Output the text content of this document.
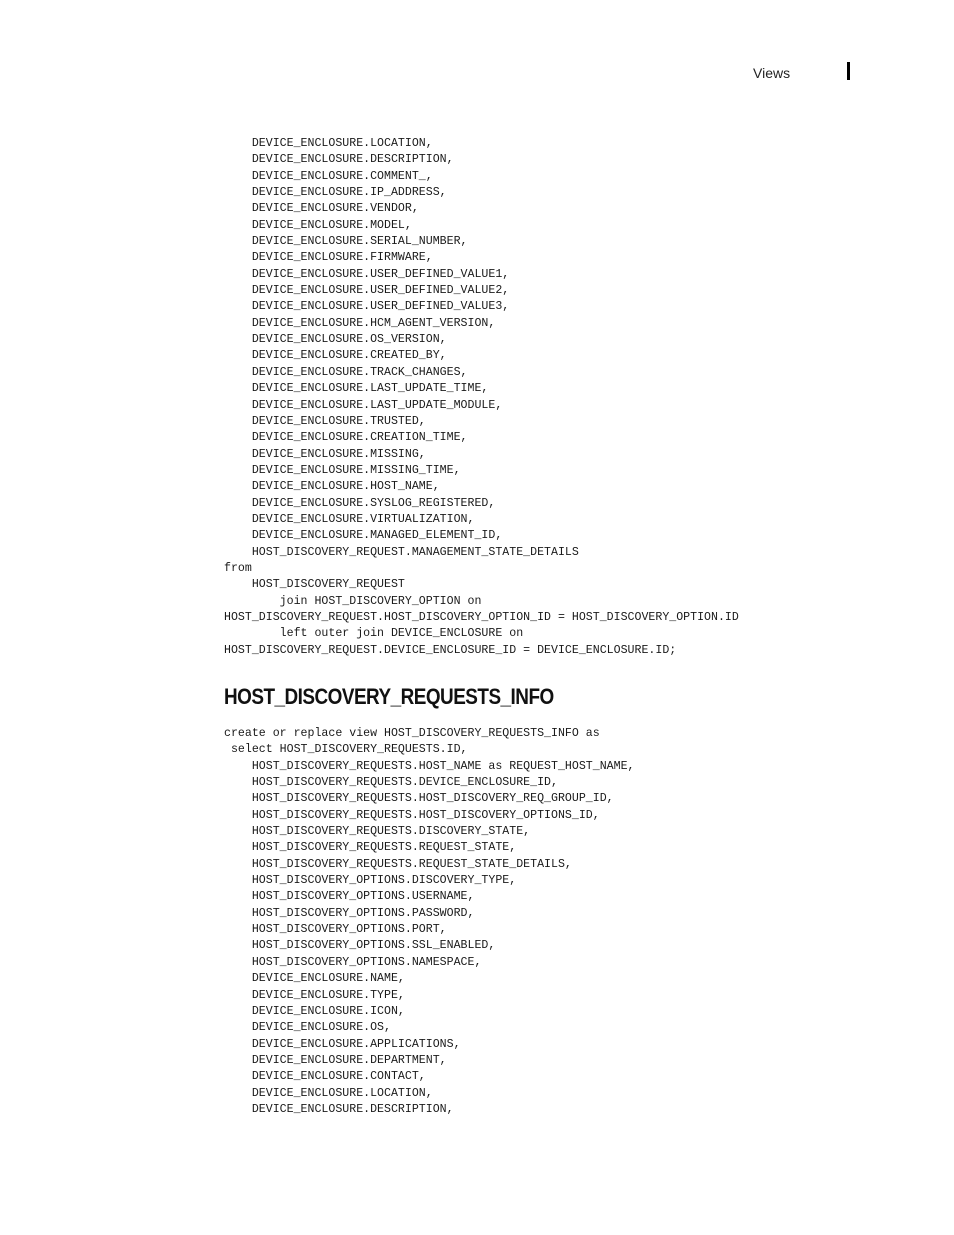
Views
DEVICE_ENCLOSURE.LOCATION,
DEVICE_ENCLOSURE.DESCRIPTION,
DEVICE_ENCLOSURE.COMMENT_,
DEVICE_ENCLOSURE.IP_ADDRESS,
DEVICE_ENCLOSURE.VENDOR,
DEVICE_ENCLOSURE.MODEL,
DEVICE_ENCLOSURE.SERIAL_NUMBER,
DEVICE_ENCLOSURE.FIRMWARE,
DEVICE_ENCLOSURE.USER_DEFINED_VALUE1,
DEVICE_ENCLOSURE.USER_DEFINED_VALUE2,
DEVICE_ENCLOSURE.USER_DEFINED_VALUE3,
DEVICE_ENCLOSURE.HCM_AGENT_VERSION,
DEVICE_ENCLOSURE.OS_VERSION,
DEVICE_ENCLOSURE.CREATED_BY,
DEVICE_ENCLOSURE.TRACK_CHANGES,
DEVICE_ENCLOSURE.LAST_UPDATE_TIME,
DEVICE_ENCLOSURE.LAST_UPDATE_MODULE,
DEVICE_ENCLOSURE.TRUSTED,
DEVICE_ENCLOSURE.CREATION_TIME,
DEVICE_ENCLOSURE.MISSING,
DEVICE_ENCLOSURE.MISSING_TIME,
DEVICE_ENCLOSURE.HOST_NAME,
DEVICE_ENCLOSURE.SYSLOG_REGISTERED,
DEVICE_ENCLOSURE.VIRTUALIZATION,
DEVICE_ENCLOSURE.MANAGED_ELEMENT_ID,
HOST_DISCOVERY_REQUEST.MANAGEMENT_STATE_DETAILS
from
HOST_DISCOVERY_REQUEST
join HOST_DISCOVERY_OPTION on
HOST_DISCOVERY_REQUEST.HOST_DISCOVERY_OPTION_ID = HOST_DISCOVERY_OPTION.ID
left outer join DEVICE_ENCLOSURE on
HOST_DISCOVERY_REQUEST.DEVICE_ENCLOSURE_ID = DEVICE_ENCLOSURE.ID;
HOST_DISCOVERY_REQUESTS_INFO
create or replace view HOST_DISCOVERY_REQUESTS_INFO as
select HOST_DISCOVERY_REQUESTS.ID,
HOST_DISCOVERY_REQUESTS.HOST_NAME as REQUEST_HOST_NAME,
HOST_DISCOVERY_REQUESTS.DEVICE_ENCLOSURE_ID,
HOST_DISCOVERY_REQUESTS.HOST_DISCOVERY_REQ_GROUP_ID,
HOST_DISCOVERY_REQUESTS.HOST_DISCOVERY_OPTIONS_ID,
HOST_DISCOVERY_REQUESTS.DISCOVERY_STATE,
HOST_DISCOVERY_REQUESTS.REQUEST_STATE,
HOST_DISCOVERY_REQUESTS.REQUEST_STATE_DETAILS,
HOST_DISCOVERY_OPTIONS.DISCOVERY_TYPE,
HOST_DISCOVERY_OPTIONS.USERNAME,
HOST_DISCOVERY_OPTIONS.PASSWORD,
HOST_DISCOVERY_OPTIONS.PORT,
HOST_DISCOVERY_OPTIONS.SSL_ENABLED,
HOST_DISCOVERY_OPTIONS.NAMESPACE,
DEVICE_ENCLOSURE.NAME,
DEVICE_ENCLOSURE.TYPE,
DEVICE_ENCLOSURE.ICON,
DEVICE_ENCLOSURE.OS,
DEVICE_ENCLOSURE.APPLICATIONS,
DEVICE_ENCLOSURE.DEPARTMENT,
DEVICE_ENCLOSURE.CONTACT,
DEVICE_ENCLOSURE.LOCATION,
DEVICE_ENCLOSURE.DESCRIPTION,
